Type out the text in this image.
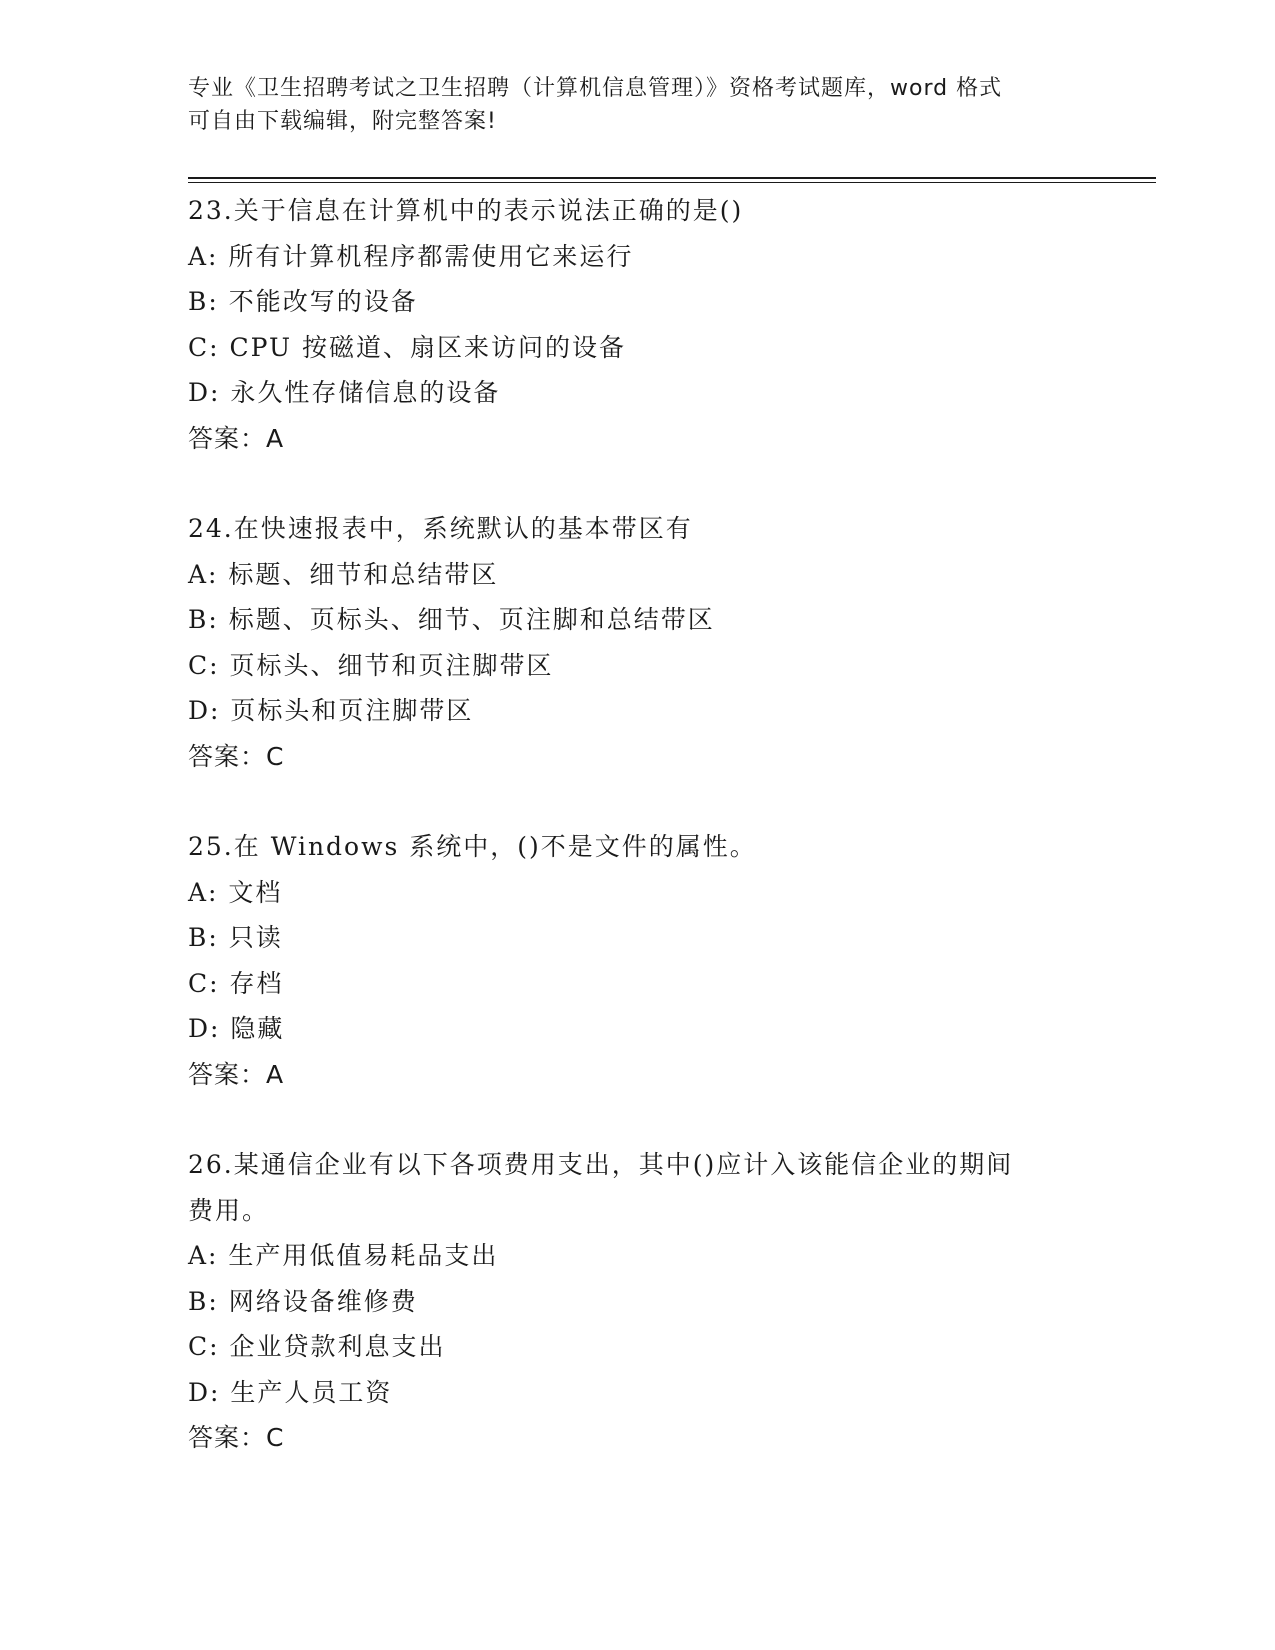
专业《卫生招聘考试之卫生招聘（计算机信息管理）》资格考试题库，word 格式
可自由下载编辑，附完整答案!
23.关于信息在计算机中的表示说法正确的是()
A: 所有计算机程序都需使用它来运行
B: 不能改写的设备
C: CPU 按磁道、扇区来访问的设备
D: 永久性存储信息的设备
答案：A
24.在快速报表中，系统默认的基本带区有
A: 标题、细节和总结带区
B: 标题、页标头、细节、页注脚和总结带区
C: 页标头、细节和页注脚带区
D: 页标头和页注脚带区
答案：C
25.在 Windows 系统中，()不是文件的属性。
A: 文档
B: 只读
C: 存档
D: 隐藏
答案：A
26.某通信企业有以下各项费用支出，其中()应计入该能信企业的期间
费用。
A: 生产用低值易耗品支出
B: 网络设备维修费
C: 企业贷款利息支出
D: 生产人员工资
答案：C
